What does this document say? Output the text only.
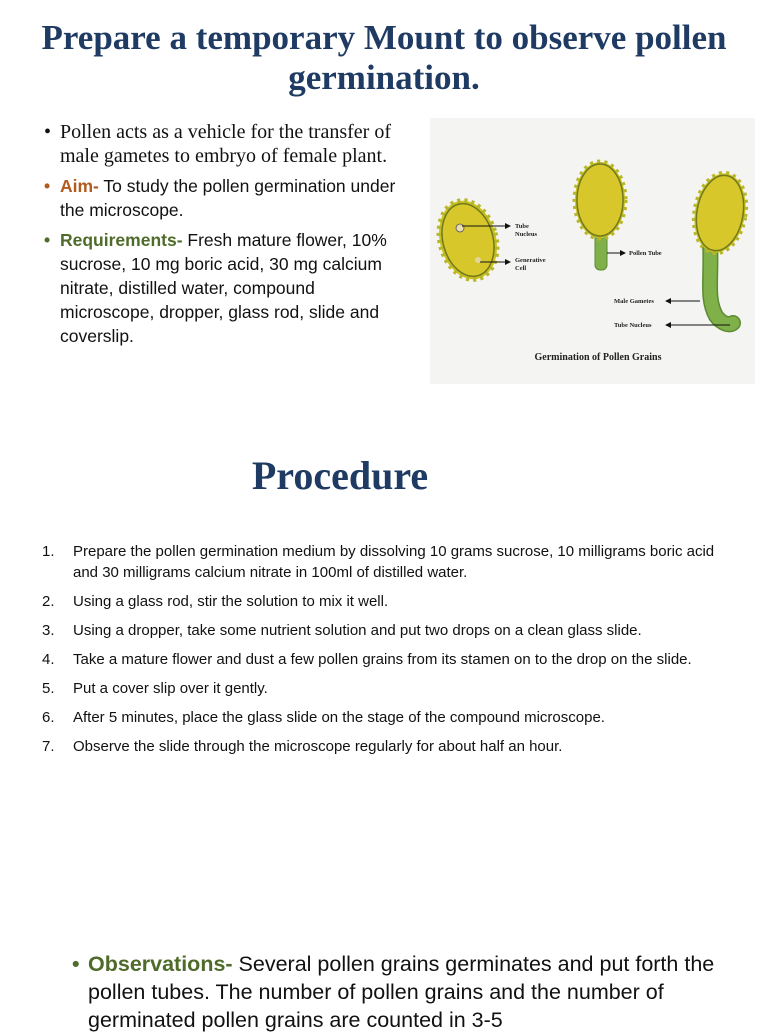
Prepare a temporary Mount to observe pollen germination.
• Pollen acts as a vehicle for the transfer of male gametes to embryo of female plant.
• Aim- To study the pollen germination under the microscope.
• Requirements- Fresh mature flower, 10% sucrose, 10 mg boric acid, 30 mg calcium nitrate, distilled water, compound microscope, dropper, glass rod, slide and coverslip.
Tube
Nucleus
Generative
Cell
Pollen Tube
Male Gametes
Tube Nucleus
Germination of Pollen Grains
Procedure
1. Prepare the pollen germination medium by dissolving 10 grams sucrose, 10 milligrams boric acid and 30 milligrams calcium nitrate in 100ml of distilled water.
2. Using a glass rod, stir the solution to mix it well.
3. Using a dropper, take some nutrient solution and put two drops on a clean glass slide.
4. Take a mature flower and dust a few pollen grains from its stamen on to the drop on the slide.
5. Put a cover slip over it gently.
6. After 5 minutes, place the glass slide on the stage of the compound microscope.
7. Observe the slide through the microscope regularly for about half an hour.
• Observations- Several pollen grains germinates and put forth the pollen tubes. The number of pollen grains and the number of germinated pollen grains are counted in 3-5
